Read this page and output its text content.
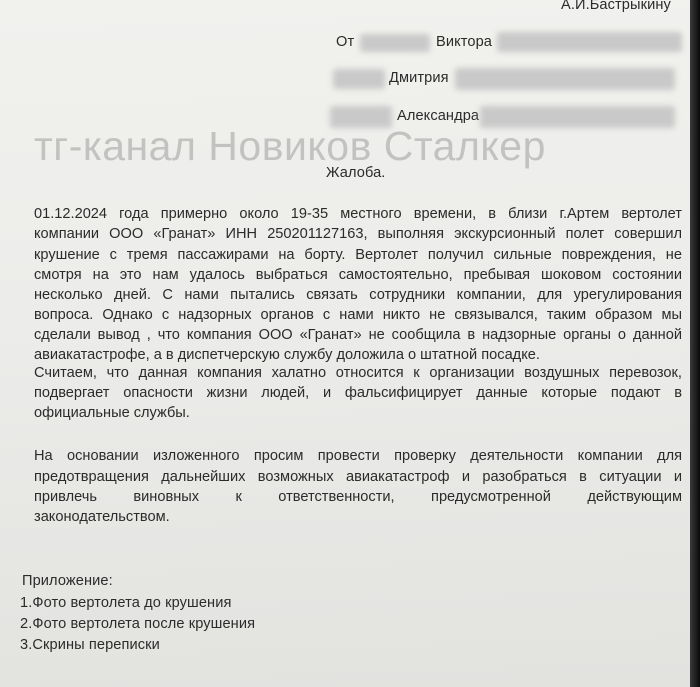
А.И.Бастрыкину
От	Виктора
Дмитрия
Александра
тг-канал Новиков Сталкер
Жалоба.
01.12.2024 года примерно около 19-35 местного времени, в близи г.Артем вертолет
компании ООО «Гранат» ИНН 250201127163, выполняя экскурсионный полет совершил
крушение с тремя пассажирами на борту. Вертолет получил сильные повреждения, не
смотря на это нам удалось выбраться самостоятельно, пребывая шоковом состоянии
несколько дней. С нами пытались связать сотрудники компании, для урегулирования
вопроса. Однако с надзорных органов с нами никто не связывался, таким образом мы
сделали вывод , что компания ООО «Гранат» не сообщила в надзорные органы о данной
авиакатастрофе, а в диспетчерскую службу доложила о штатной посадке.
Считаем, что данная компания халатно относится к организации воздушных перевозок,
подвергает опасности жизни людей, и фальсифицирует данные которые подают в
официальные службы.
На основании изложенного просим провести проверку деятельности компании для
предотвращения дальнейших возможных авиакатастроф и разобраться в ситуации и
привлечь виновных к ответственности, предусмотренной действующим
законодательством.
Приложение:
1.Фото вертолета до крушения
2.Фото вертолета после крушения
3.Скрины переписки
